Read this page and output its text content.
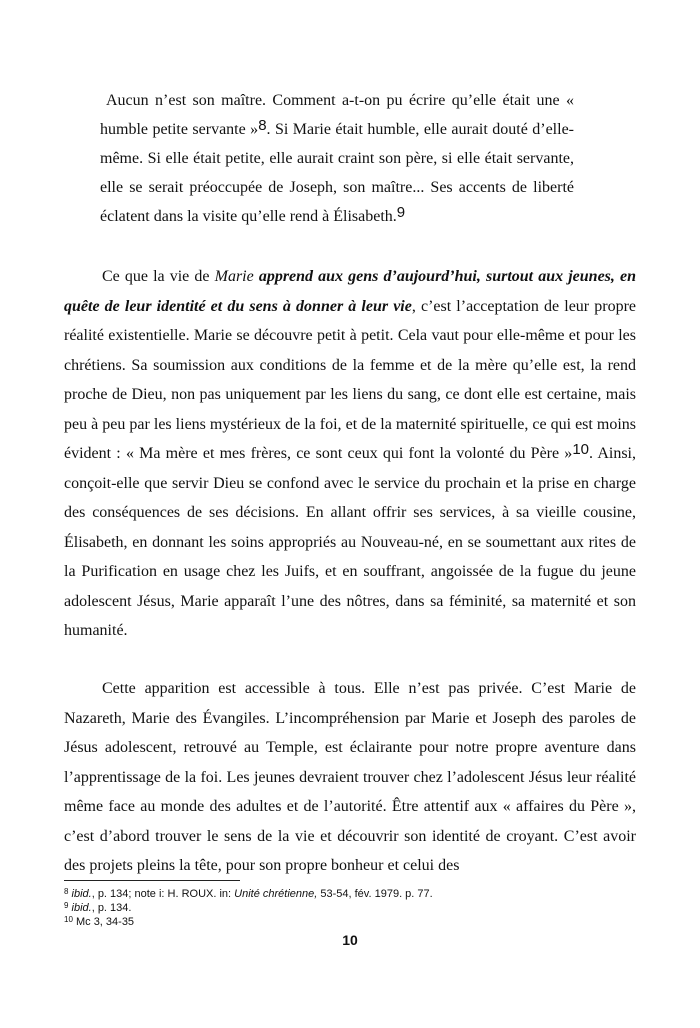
Aucun n’est son maître. Comment a-t-on pu écrire qu’elle était une « humble petite servante »$^8$. Si Marie était humble, elle aurait douté d’elle-même. Si elle était petite, elle aurait craint son père, si elle était servante, elle se serait préoccupée de Joseph, son maître... Ses accents de liberté éclatent dans la visite qu’elle rend à Élisabeth.$^9$

Ce que la vie de Marie apprend aux gens d’aujourd’hui, surtout aux jeunes, en quête de leur identité et du sens à donner à leur vie, c’est l’acceptation de leur propre réalité existentielle. Marie se découvre petit à petit. Cela vaut pour elle-même et pour les chrétiens. Sa soumission aux conditions de la femme et de la mère qu’elle est, la rend proche de Dieu, non pas uniquement par les liens du sang, ce dont elle est certaine, mais peu à peu par les liens mystérieux de la foi, et de la maternité spirituelle, ce qui est moins évident : « Ma mère et mes frères, ce sont ceux qui font la volonté du Père »$^{10}$. Ainsi, conçoit-elle que servir Dieu se confond avec le service du prochain et la prise en charge des conséquences de ses décisions. En allant offrir ses services, à sa vieille cousine, Élisabeth, en donnant les soins appropriés au Nouveau-né, en se soumettant aux rites de la Purification en usage chez les Juifs, et en souffrant, angoissée de la fugue du jeune adolescent Jésus, Marie apparaît l’une des nôtres, dans sa féminité, sa maternité et son humanité.

Cette apparition est accessible à tous. Elle n’est pas privée. C’est Marie de Nazareth, Marie des Évangiles. L’incompréhension par Marie et Joseph des paroles de Jésus adolescent, retrouvé au Temple, est éclairante pour notre propre aventure dans l’apprentissage de la foi. Les jeunes devraient trouver chez l’adolescent Jésus leur réalité même face au monde des adultes et de l’autorité. Être attentif aux « affaires du Père », c’est d’abord trouver le sens de la vie et découvrir son identité de croyant. C’est avoir des projets pleins la tête, pour son propre bonheur et celui des

$^8$ ibid., p. 134; note i: H. ROUX. in: Unité chrétienne, 53-54, fév. 1979. p. 77.
$^9$ ibid., p. 134.
$^{10}$ Mc 3, 34-35
10
